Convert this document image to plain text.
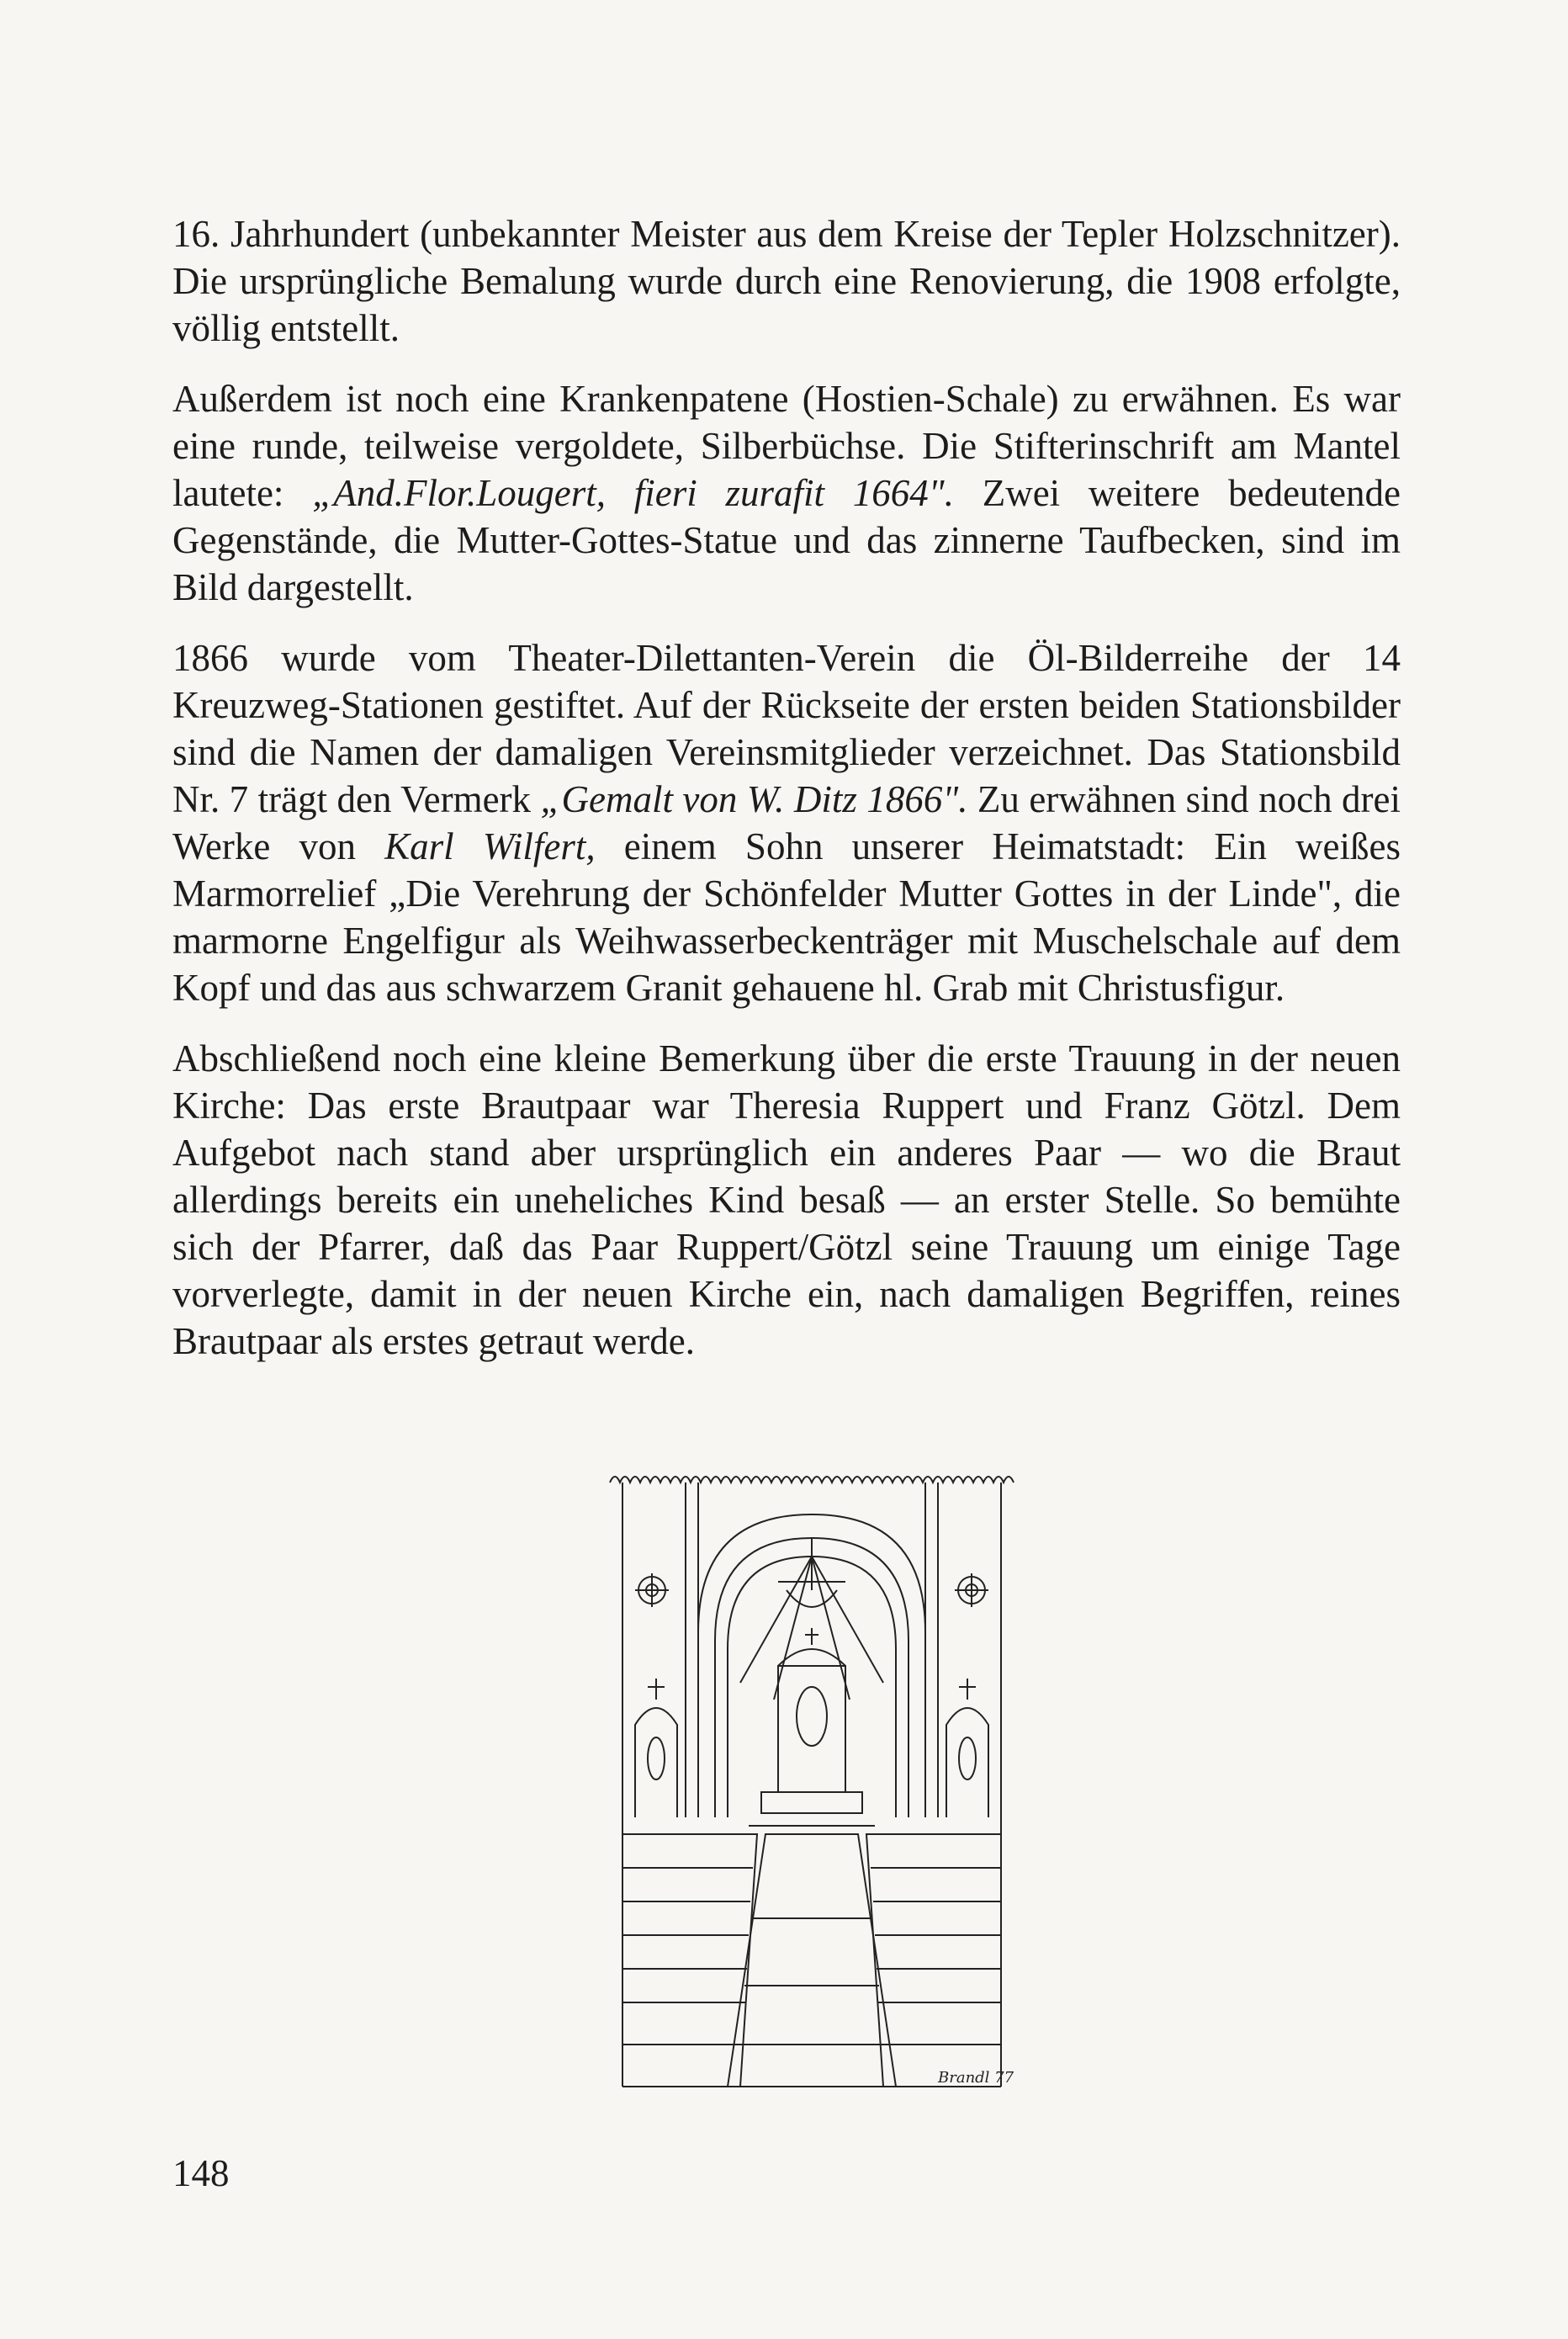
16. Jahrhundert (unbekannter Meister aus dem Kreise der Tepler Holzschnitzer). Die ursprüngliche Bemalung wurde durch eine Renovierung, die 1908 erfolgte, völlig entstellt.

Außerdem ist noch eine Krankenpatene (Hostien-Schale) zu erwähnen. Es war eine runde, teilweise vergoldete, Silberbüchse. Die Stifterinschrift am Mantel lautete: „And.Flor.Lougert, fieri zurafit 1664". Zwei weitere bedeutende Gegenstände, die Mutter-Gottes-Statue und das zinnerne Taufbecken, sind im Bild dargestellt.

1866 wurde vom Theater-Dilettanten-Verein die Öl-Bilderreihe der 14 Kreuzweg-Stationen gestiftet. Auf der Rückseite der ersten beiden Stationsbilder sind die Namen der damaligen Vereinsmitglieder verzeichnet. Das Stationsbild Nr. 7 trägt den Vermerk „Gemalt von W. Ditz 1866". Zu erwähnen sind noch drei Werke von Karl Wilfert, einem Sohn unserer Heimatstadt: Ein weißes Marmorrelief „Die Verehrung der Schönfelder Mutter Gottes in der Linde", die marmorne Engelfigur als Weihwasserbeckenträger mit Muschelschale auf dem Kopf und das aus schwarzem Granit gehauene hl. Grab mit Christusfigur.

Abschließend noch eine kleine Bemerkung über die erste Trauung in der neuen Kirche: Das erste Brautpaar war Theresia Ruppert und Franz Götzl. Dem Aufgebot nach stand aber ursprünglich ein anderes Paar — wo die Braut allerdings bereits ein uneheliches Kind besaß — an erster Stelle. So bemühte sich der Pfarrer, daß das Paar Ruppert/Götzl seine Trauung um einige Tage vorverlegte, damit in der neuen Kirche ein, nach damaligen Begriffen, reines Brautpaar als erstes getraut werde.

Brandl 77
148
